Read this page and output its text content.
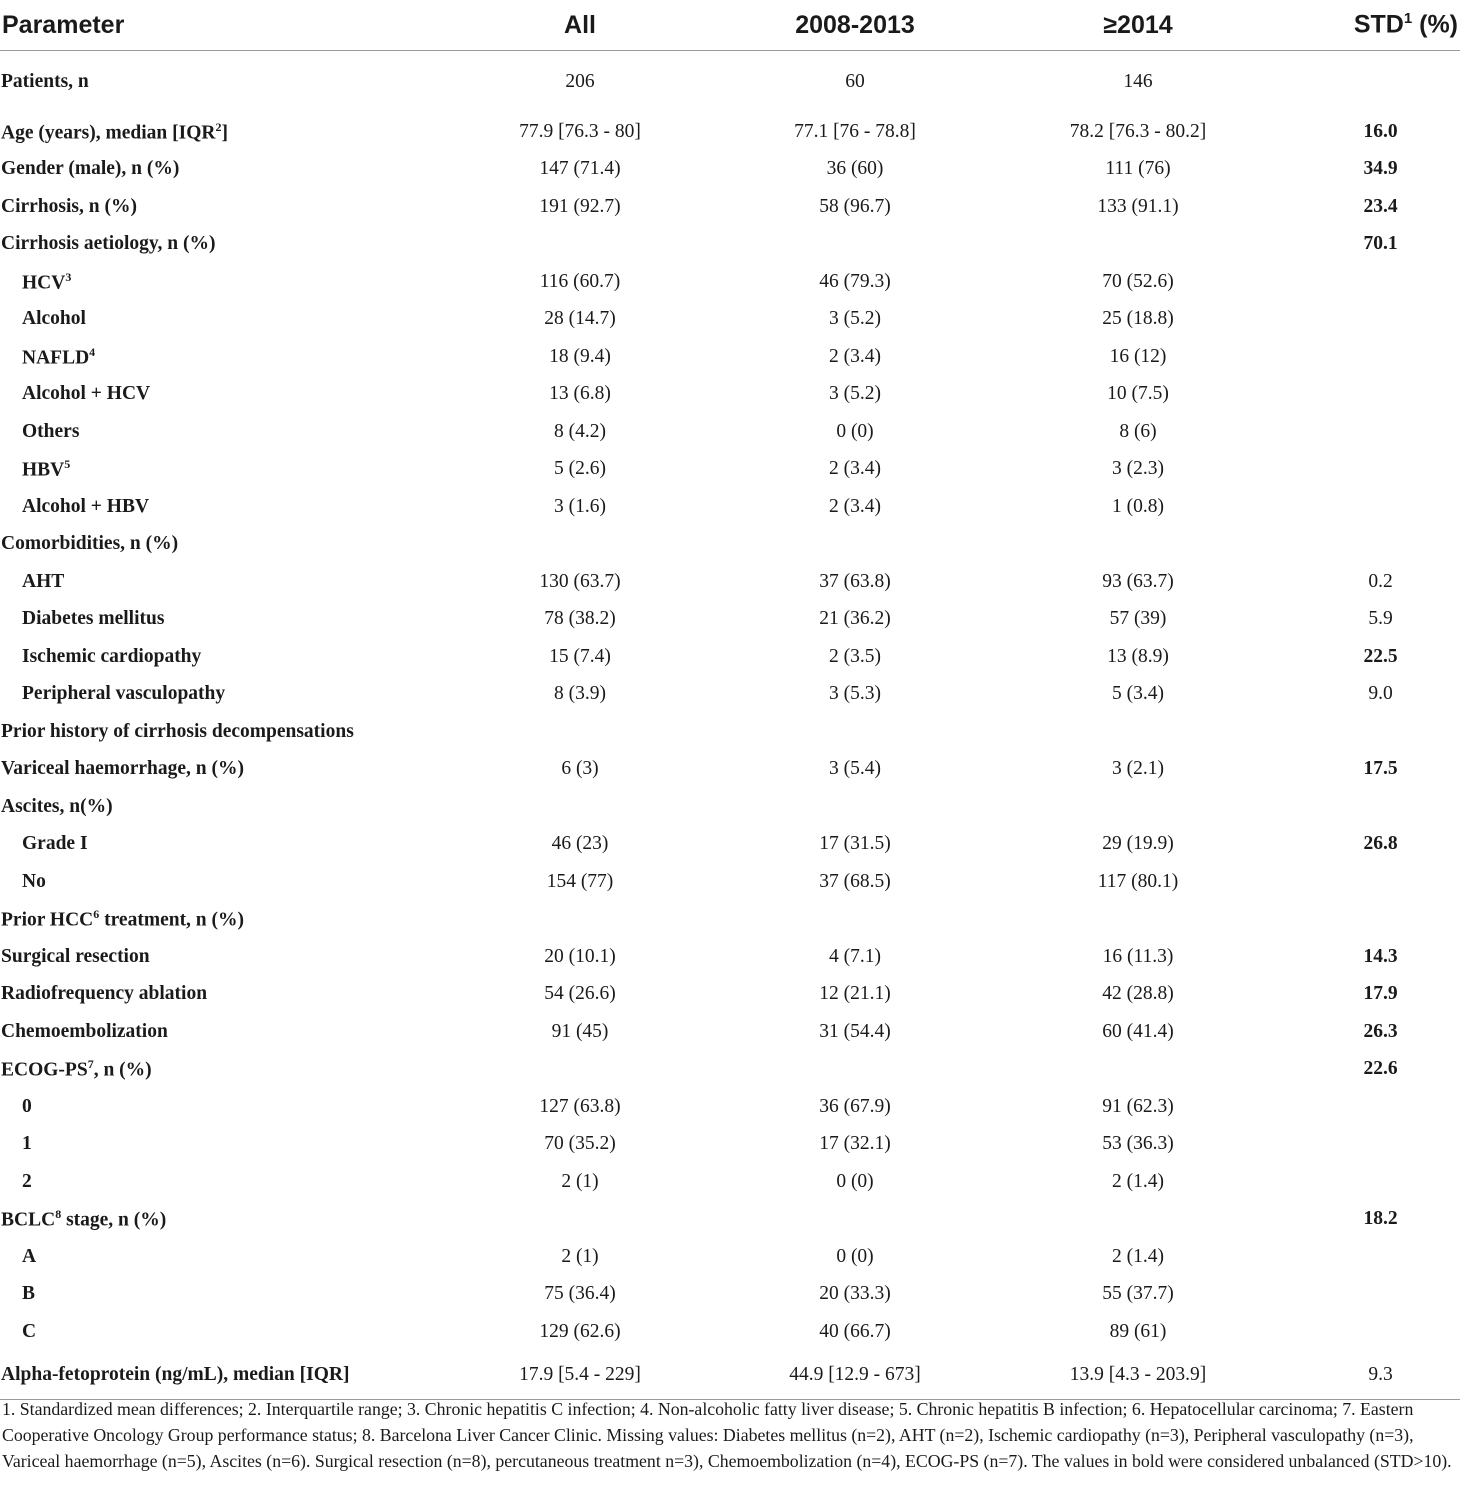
Parameter	All	2008-2013	≥2014	STD$^1$ (%)
Patients, n	206	60	146	
Age (years), median [IQR$^2$]	77.9 [76.3 - 80]	77.1 [76 - 78.8]	78.2 [76.3 - 80.2]	16.0
Gender (male), n (%)	147 (71.4)	36 (60)	111 (76)	34.9
Cirrhosis, n (%)	191 (92.7)	58 (96.7)	133 (91.1)	23.4
Cirrhosis aetiology, n (%)				70.1
HCV$^3$	116 (60.7)	46 (79.3)	70 (52.6)	
Alcohol	28 (14.7)	3 (5.2)	25 (18.8)	
NAFLD$^4$	18 (9.4)	2 (3.4)	16 (12)	
Alcohol + HCV	13 (6.8)	3 (5.2)	10 (7.5)	
Others	8 (4.2)	0 (0)	8 (6)	
HBV$^5$	5 (2.6)	2 (3.4)	3 (2.3)	
Alcohol + HBV	3 (1.6)	2 (3.4)	1 (0.8)	
Comorbidities, n (%)				
AHT	130 (63.7)	37 (63.8)	93 (63.7)	0.2
Diabetes mellitus	78 (38.2)	21 (36.2)	57 (39)	5.9
Ischemic cardiopathy	15 (7.4)	2 (3.5)	13 (8.9)	22.5
Peripheral vasculopathy	8 (3.9)	3 (5.3)	5 (3.4)	9.0
Prior history of cirrhosis decompensations				
Variceal haemorrhage, n (%)	6 (3)	3 (5.4)	3 (2.1)	17.5
Ascites, n(%)				
Grade I	46 (23)	17 (31.5)	29 (19.9)	26.8
No	154 (77)	37 (68.5)	117 (80.1)	
Prior HCC$^6$ treatment, n (%)				
Surgical resection	20 (10.1)	4 (7.1)	16 (11.3)	14.3
Radiofrequency ablation	54 (26.6)	12 (21.1)	42 (28.8)	17.9
Chemoembolization	91 (45)	31 (54.4)	60 (41.4)	26.3
ECOG-$PS^7$, n (%)				22.6
0	127 (63.8)	36 (67.9)	91 (62.3)	
1	70 (35.2)	17 (32.1)	53 (36.3)	
2	2 (1)	0 (0)	2 (1.4)	
BCLC$^8$ stage, n (%)				18.2
A	2 (1)	0 (0)	2 (1.4)	
B	75 (36.4)	20 (33.3)	55 (37.7)	
C	129 (62.6)	40 (66.7)	89 (61)	
Alpha-fetoprotein (ng/mL), median [IQR]	17.9 [5.4 - 229]	44.9 [12.9 - 673]	13.9 [4.3 - 203.9]	9.3

1. Standardized mean differences; 2. Interquartile range; 3. Chronic hepatitis C infection; 4. Non-alcoholic fatty liver disease; 5. Chronic hepatitis B infection; 6. Hepatocellular carcinoma; 7. Eastern Cooperative Oncology Group performance status; 8. Barcelona Liver Cancer Clinic. Missing values: Diabetes mellitus (n=2), AHT (n=2), Ischemic cardiopathy (n=3), Peripheral vasculopathy (n=3), Variceal haemorrhage (n=5), Ascites (n=6). Surgical resection (n=8), percutaneous treatment n=3), Chemoembolization (n=4), ECOG-PS (n=7). The values in bold were considered unbalanced (STD>10).
